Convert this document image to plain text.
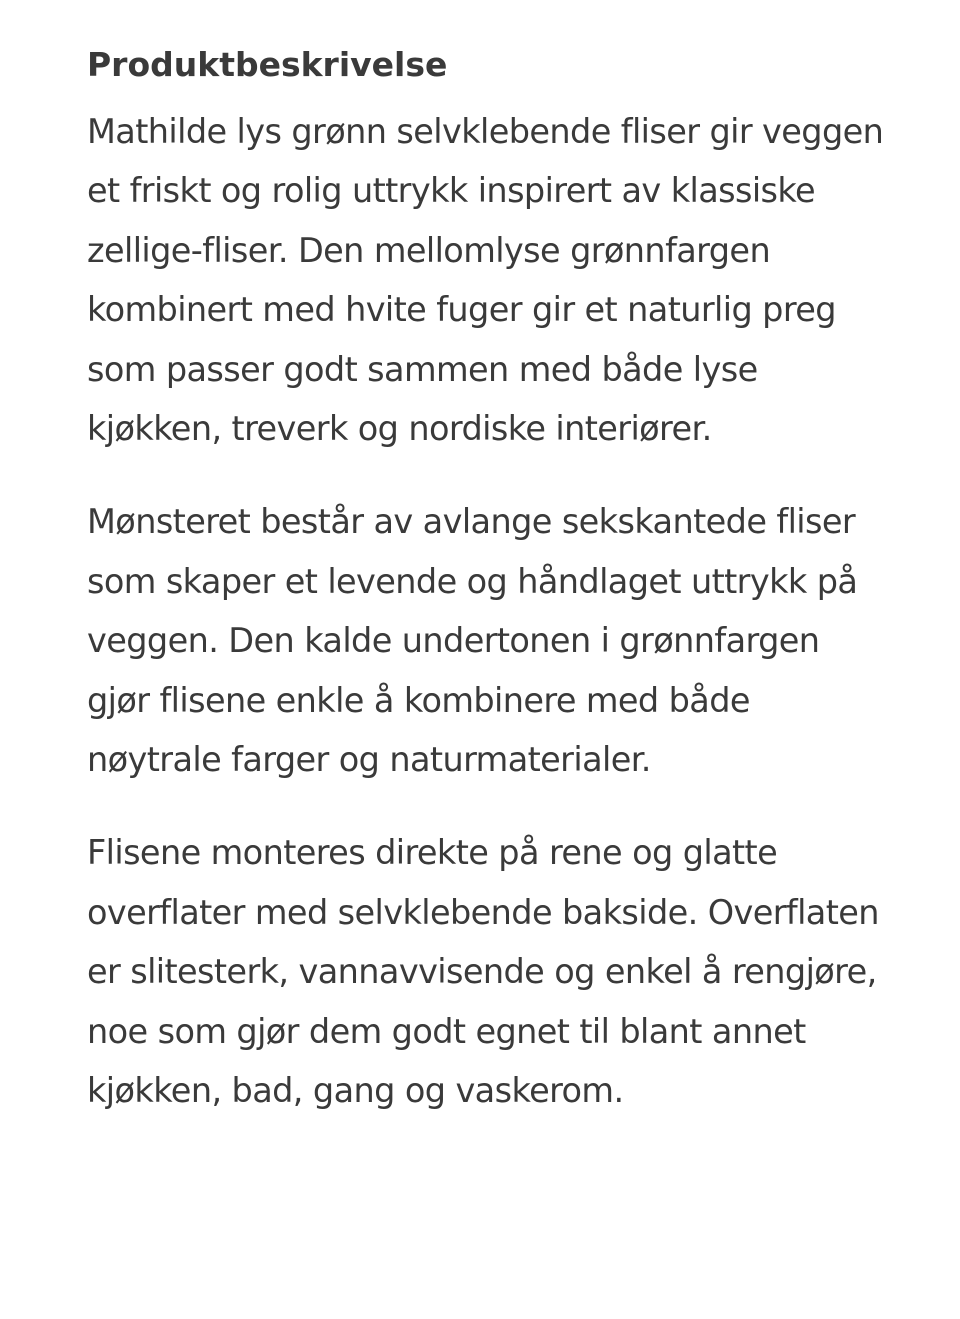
Produktbeskrivelse

Mathilde lys grønn selvklebende fliser gir veggen et friskt og rolig uttrykk inspirert av klassiske zellige-fliser. Den mellomlyse grønnfargen kombinert med hvite fuger gir et naturlig preg som passer godt sammen med både lyse kjøkken, treverk og nordiske interiører.

Mønsteret består av avlange sekskantede fliser som skaper et levende og håndlaget uttrykk på veggen. Den kalde undertonen i grønnfargen gjør flisene enkle å kombinere med både nøytrale farger og naturmaterialer.

Flisene monteres direkte på rene og glatte overflater med selvklebende bakside. Overflaten er slitesterk, vannavvisende og enkel å rengjøre, noe som gjør dem godt egnet til blant annet kjøkken, bad, gang og vaskerom.
